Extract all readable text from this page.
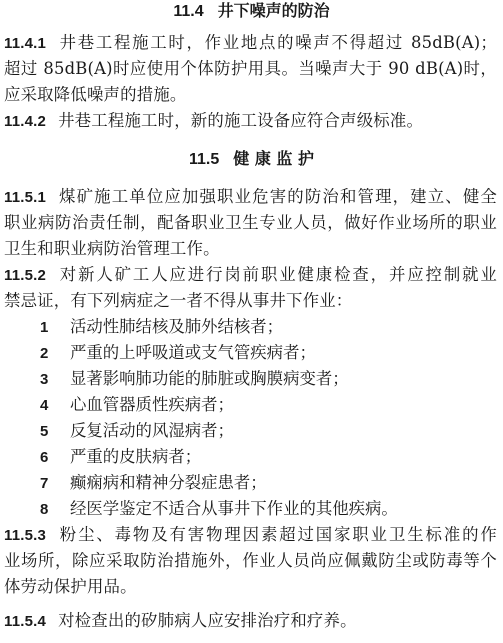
11.4 井下噪声的防治
11.4.1 井巷工程施工时，作业地点的噪声不得超过 85dB(A)；
超过 85dB(A)时应使用个体防护用具。当噪声大于 90 dB(A)时，
应采取降低噪声的措施。
11.4.2 井巷工程施工时，新的施工设备应符合声级标准。
11.5 健 康 监 护
11.5.1 煤矿施工单位应加强职业危害的防治和管理，建立、健全
职业病防治责任制，配备职业卫生专业人员，做好作业场所的职业
卫生和职业病防治管理工作。
11.5.2 对新人矿工人应进行岗前职业健康检查，并应控制就业
禁忌证，有下列病症之一者不得从事井下作业：
1 活动性肺结核及肺外结核者；
2 严重的上呼吸道或支气管疾病者；
3 显著影响肺功能的肺脏或胸膜病变者；
4 心血管器质性疾病者；
5 反复活动的风湿病者；
6 严重的皮肤病者；
7 癫痫病和精神分裂症患者；
8 经医学鉴定不适合从事井下作业的其他疾病。
11.5.3 粉尘、毒物及有害物理因素超过国家职业卫生标准的作
业场所，除应采取防治措施外，作业人员尚应佩戴防尘或防毒等个
体劳动保护用品。
11.5.4 对检查出的矽肺病人应安排治疗和疗养。
